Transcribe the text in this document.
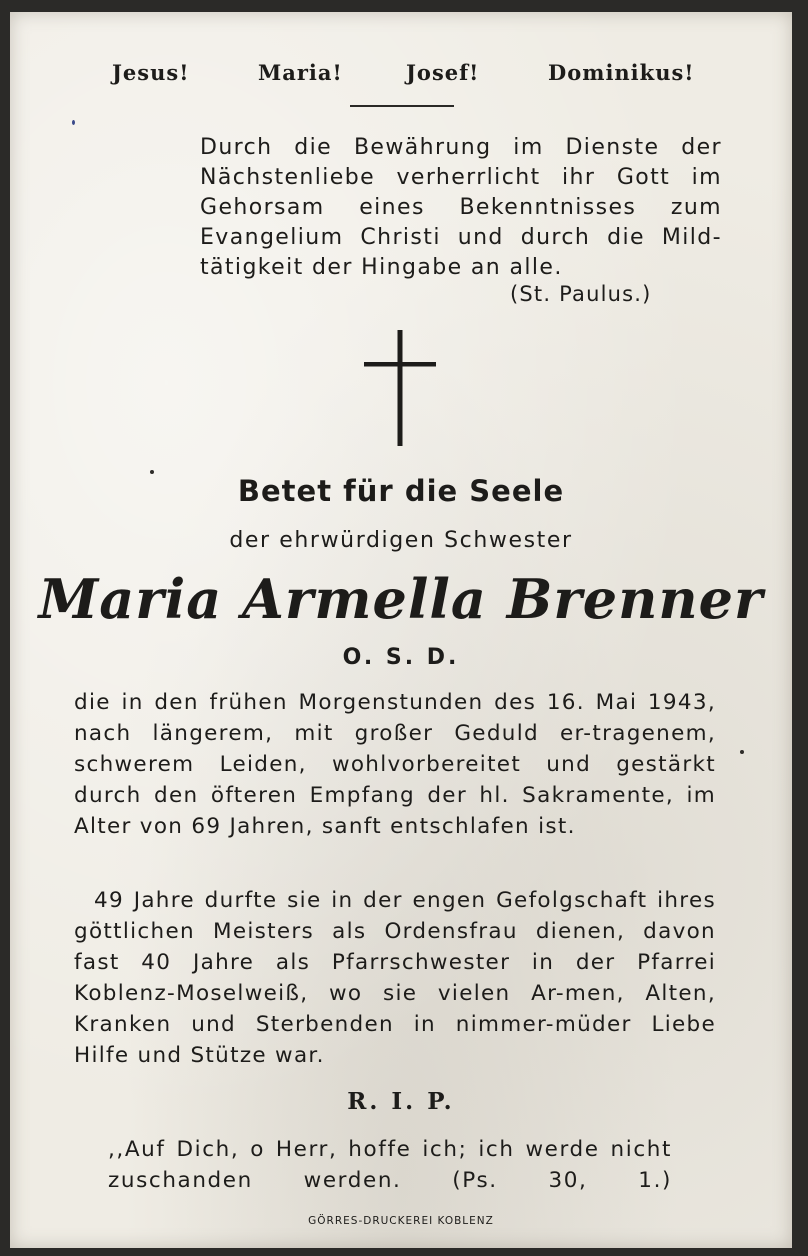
Jesus!	Maria!	Josef!	Dominikus!

Durch die Bewährung im Dienste der Nächstenliebe verherrlicht ihr Gott im Gehorsam eines Bekenntnisses zum Evangelium Christi und durch die Mild-tätigkeit der Hingabe an alle.

(St. Paulus.)
Betet für die Seele
der ehrwürdigen Schwester
Maria Armella Brenner
O. S. D.

die in den frühen Morgenstunden des 16. Mai 1943, nach längerem, mit großer Geduld er-tragenem, schwerem Leiden, wohlvorbereitet und gestärkt durch den öfteren Empfang der hl. Sakramente, im Alter von 69 Jahren, sanft entschlafen ist.

49 Jahre durfte sie in der engen Gefolgschaft ihres göttlichen Meisters als Ordensfrau dienen, davon fast 40 Jahre als Pfarrschwester in der Pfarrei Koblenz-Moselweiß, wo sie vielen Ar-men, Alten, Kranken und Sterbenden in nimmer-müder Liebe Hilfe und Stütze war.

R. I. P.

,,Auf Dich, o Herr, hoffe ich; ich werde nicht zuschanden werden. (Ps. 30, 1.)

GÖRRES-DRUCKEREI KOBLENZ
